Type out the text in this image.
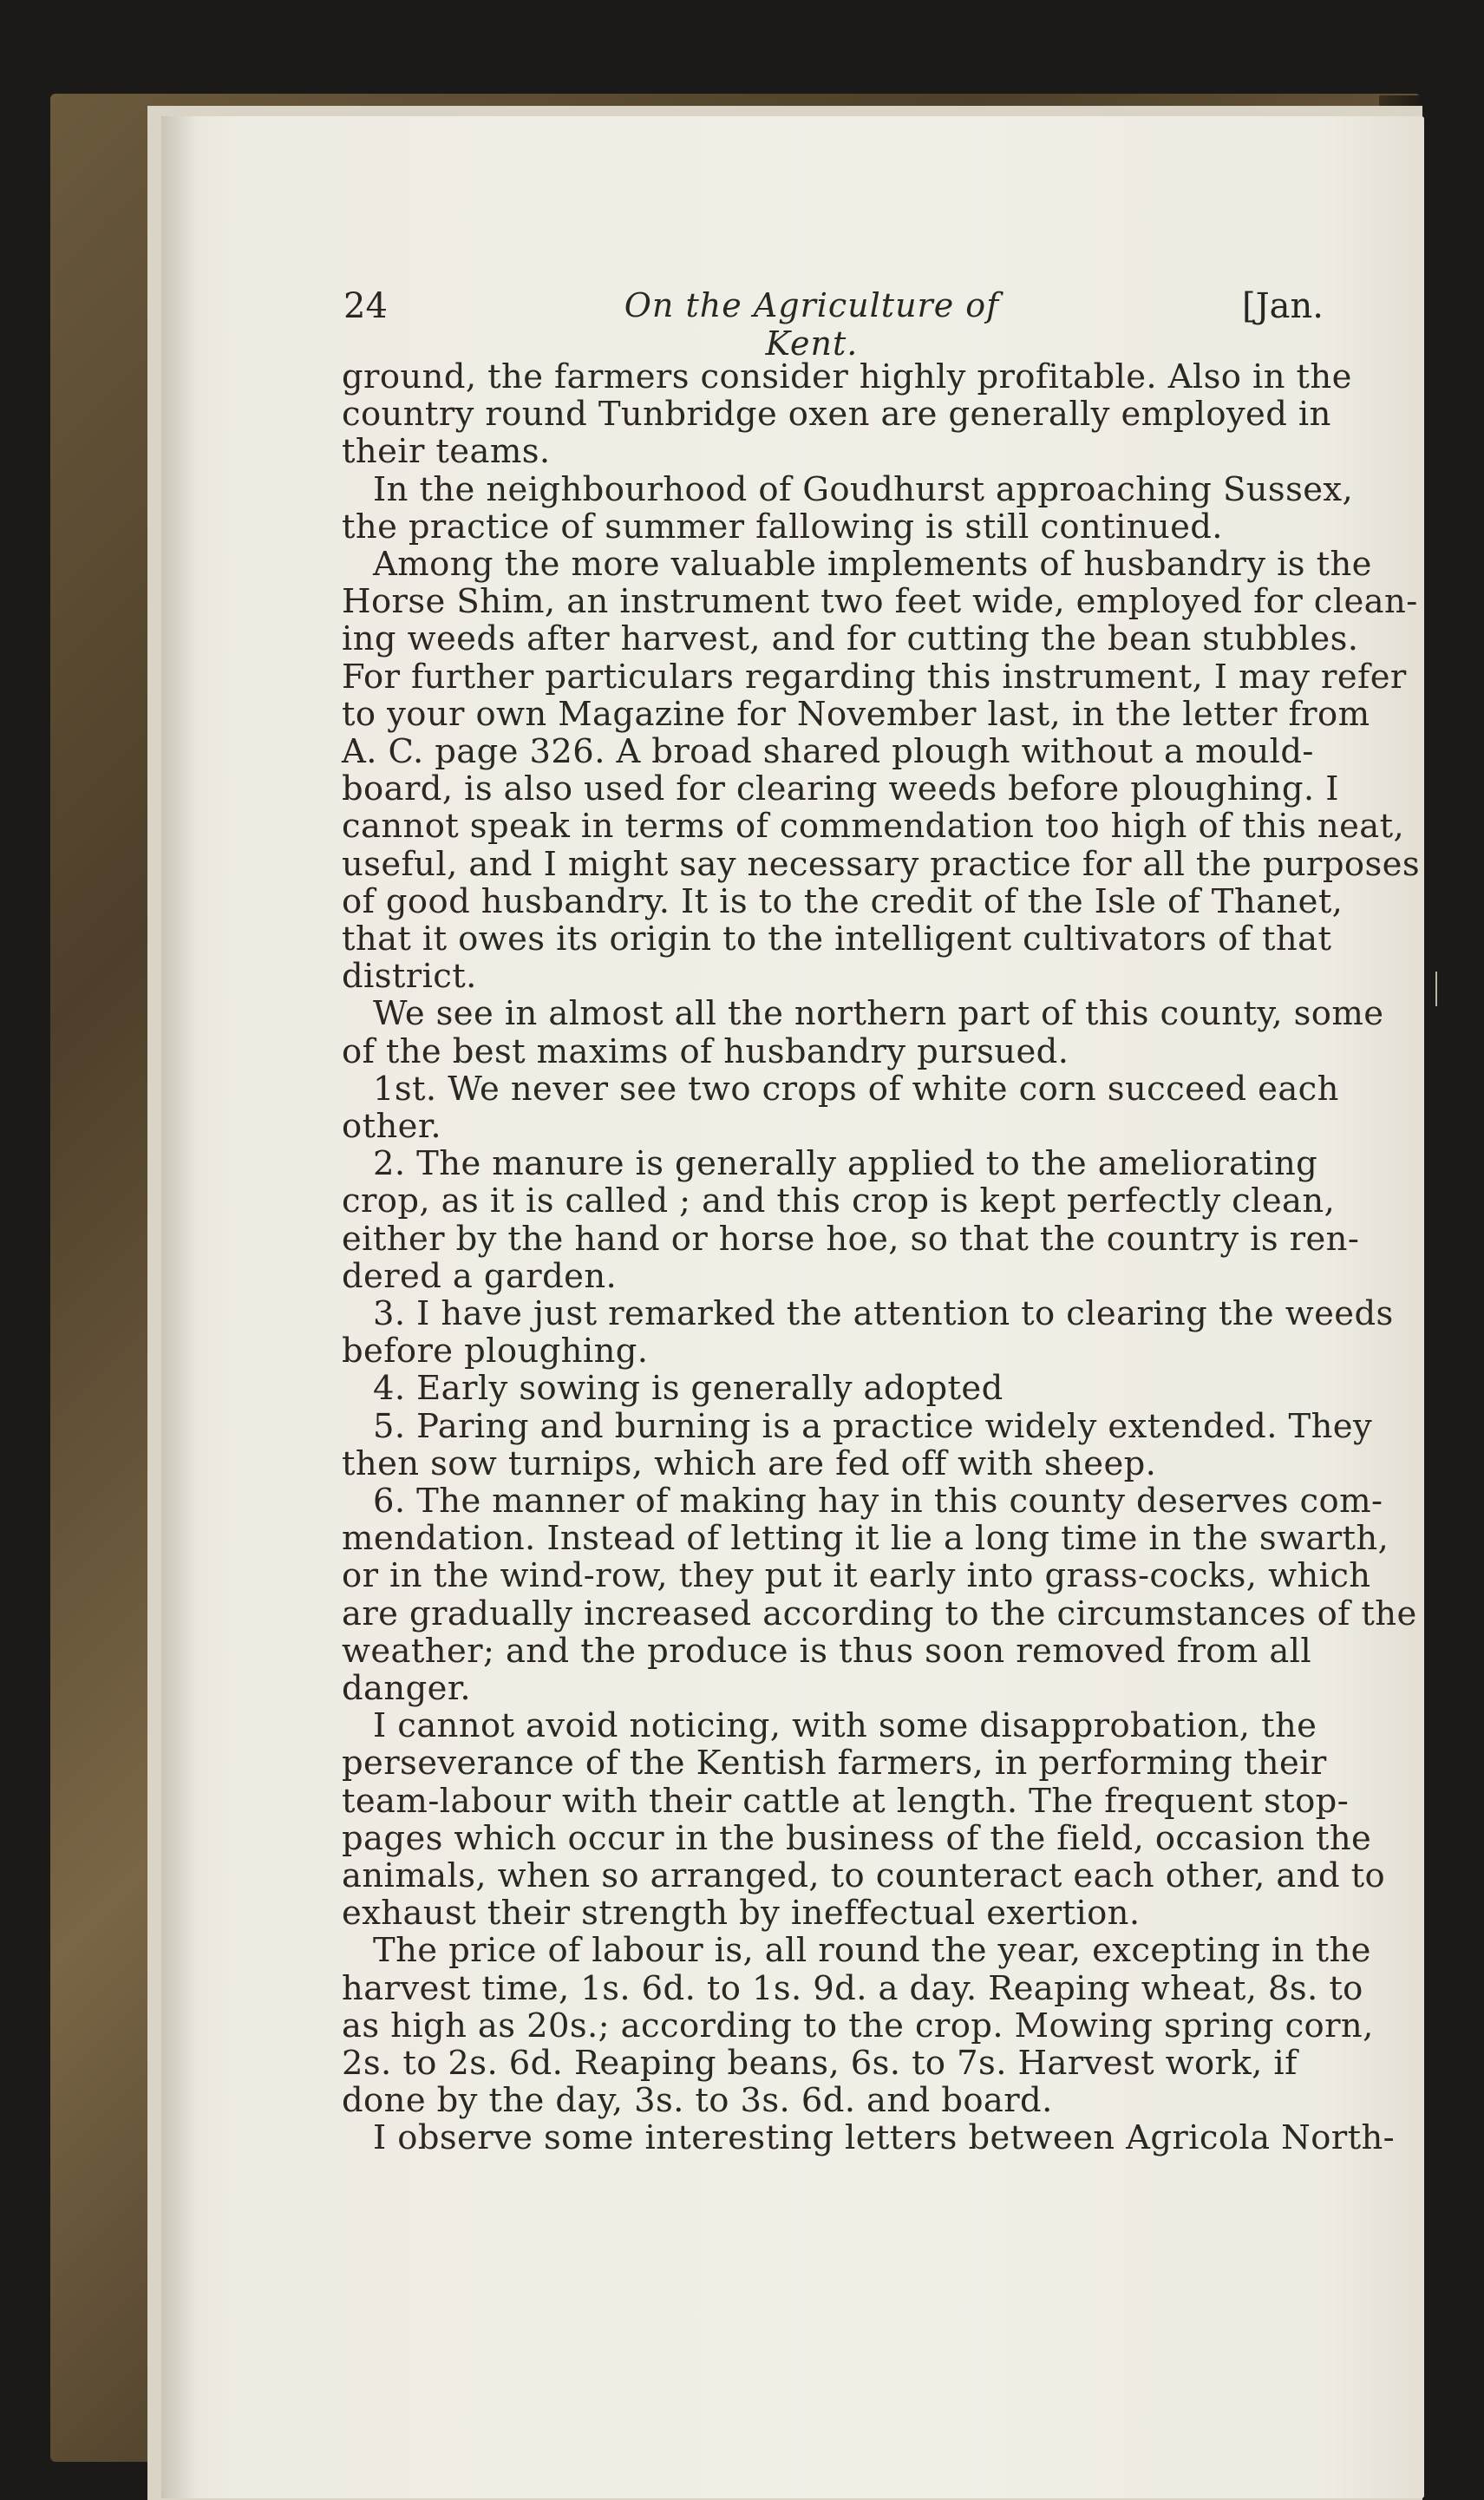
24	On the Agriculture of Kent.
[Jan.
ground, the farmers consider highly profitable. Also in the
country round Tunbridge oxen are generally employed in
their teams.
In the neighbourhood of Goudhurst approaching Sussex,
the practice of summer fallowing is still continued.
Among the more valuable implements of husbandry is the
Horse Shim, an instrument two feet wide, employed for clean-
ing weeds after harvest, and for cutting the bean stubbles.
For further particulars regarding this instrument, I may refer
to your own Magazine for November last, in the letter from
A. C. page 326. A broad shared plough without a mould-
board, is also used for clearing weeds before ploughing. I
cannot speak in terms of commendation too high of this neat,
useful, and I might say necessary practice for all the purposes
of good husbandry. It is to the credit of the Isle of Thanet,
that it owes its origin to the intelligent cultivators of that
district.
We see in almost all the northern part of this county, some
of the best maxims of husbandry pursued.
1st. We never see two crops of white corn succeed each
other.
2. The manure is generally applied to the ameliorating
crop, as it is called ; and this crop is kept perfectly clean,
either by the hand or horse hoe, so that the country is ren-
dered a garden.
3. I have just remarked the attention to clearing the weeds
before ploughing.
4. Early sowing is generally adopted
5. Paring and burning is a practice widely extended. They
then sow turnips, which are fed off with sheep.
6. The manner of making hay in this county deserves com-
mendation. Instead of letting it lie a long time in the swarth,
or in the wind-row, they put it early into grass-cocks, which
are gradually increased according to the circumstances of the
weather; and the produce is thus soon removed from all
danger.
I cannot avoid noticing, with some disapprobation, the
perseverance of the Kentish farmers, in performing their
team-labour with their cattle at length. The frequent stop-
pages which occur in the business of the field, occasion the
animals, when so arranged, to counteract each other, and to
exhaust their strength by ineffectual exertion.
The price of labour is, all round the year, excepting in the
harvest time, 1s. 6d. to 1s. 9d. a day. Reaping wheat, 8s. to
as high as 20s.; according to the crop. Mowing spring corn,
2s. to 2s. 6d. Reaping beans, 6s. to 7s. Harvest work, if
done by the day, 3s. to 3s. 6d. and board.
I observe some interesting letters between Agricola North-
